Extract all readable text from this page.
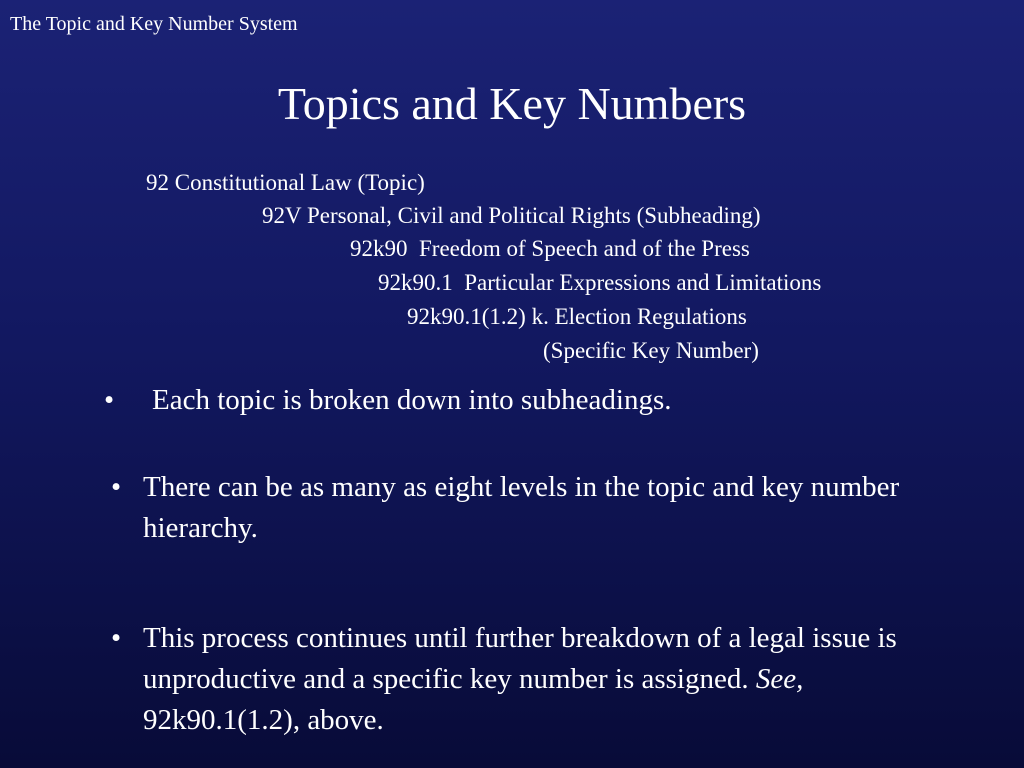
The Topic and Key Number System
Topics and Key Numbers
92 Constitutional Law (Topic)
92V Personal, Civil and Political Rights (Subheading)
92k90  Freedom of Speech and of the Press
92k90.1  Particular Expressions and Limitations
92k90.1(1.2) k. Election Regulations
(Specific Key Number)
• Each topic is broken down into subheadings.
• There can be as many as eight levels in the topic and key number hierarchy.
• This process continues until further breakdown of a legal issue is unproductive and a specific key number is assigned. See, 92k90.1(1.2), above.
